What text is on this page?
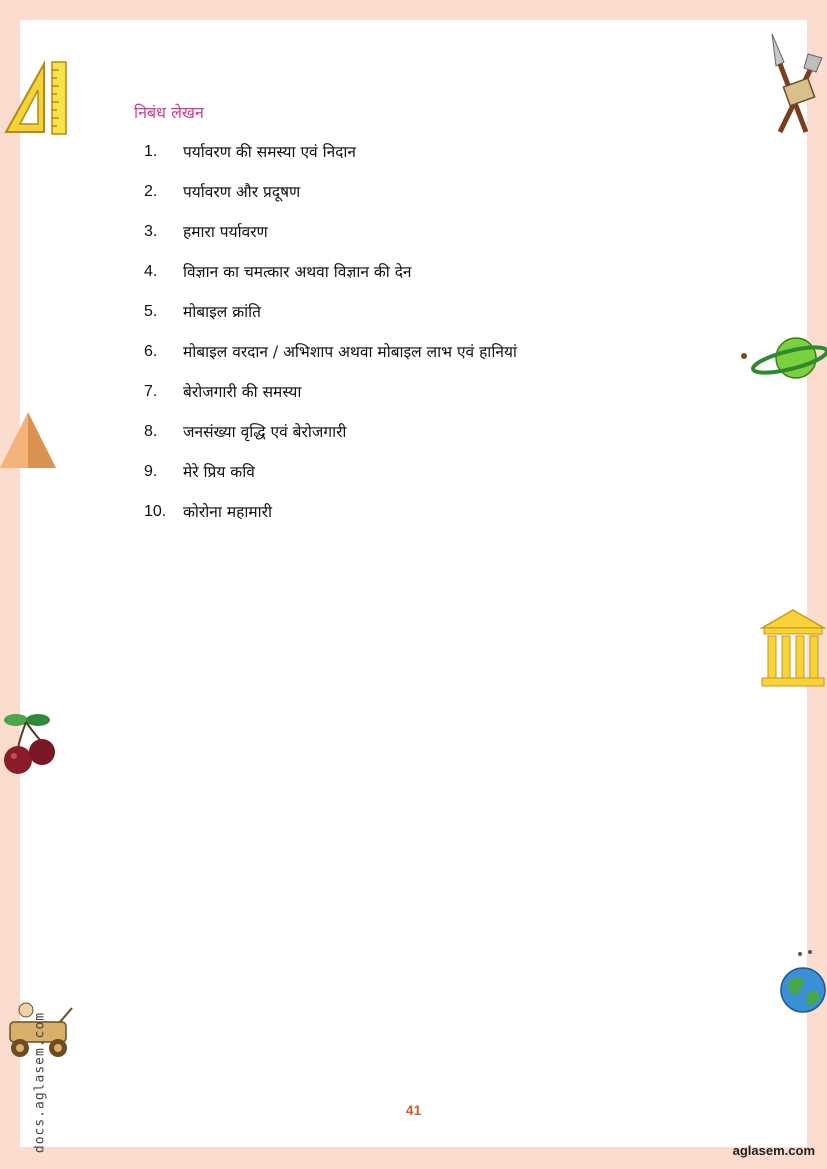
निबंध लेखन
1.	पर्यावरण की समस्या एवं निदान
2.	पर्यावरण और प्रदूषण
3.	हमारा पर्यावरण
4.	विज्ञान का चमत्कार अथवा विज्ञान की देन
5.	मोबाइल क्रांति
6.	मोबाइल वरदान / अभिशाप अथवा मोबाइल लाभ एवं हानियां
7.	बेरोजगारी की समस्या
8.	जनसंख्या वृद्धि एवं बेरोजगारी
9.	मेरे प्रिय कवि
10.	कोरोना महामारी
docs.aglasem.com	41
aglasem.com
